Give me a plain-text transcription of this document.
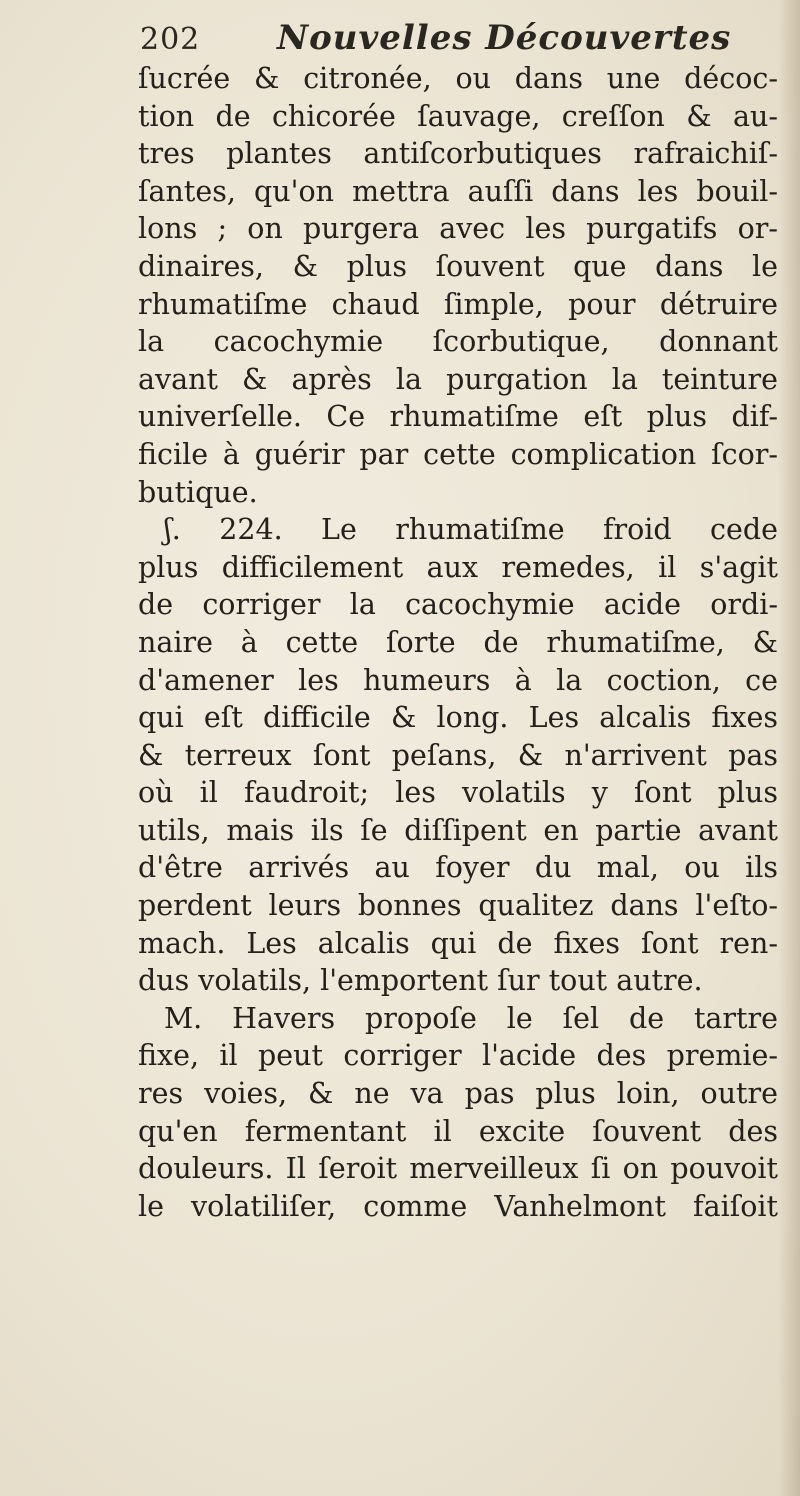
202 Nouvelles Découvertes
ſucrée & citronée, ou dans une décoc-
tion de chicorée ſauvage, creſſon & au-
tres plantes antiſcorbutiques rafraichiſ-
ſantes, qu'on mettra auſſi dans les bouil-
lons ; on purgera avec les purgatifs or-
dinaires, & plus ſouvent que dans le
rhumatiſme chaud ſimple, pour détruire
la cacochymie ſcorbutique, donnant
avant & après la purgation la teinture
univerſelle. Ce rhumatiſme eſt plus dif-
ficile à guérir par cette complication ſcor-
butique.
ʃ. 224. Le rhumatiſme froid cede
plus difficilement aux remedes, il s'agit
de corriger la cacochymie acide ordi-
naire à cette ſorte de rhumatiſme, &
d'amener les humeurs à la coction, ce
qui eſt difficile & long. Les alcalis fixes
& terreux ſont peſans, & n'arrivent pas
où il faudroit; les volatils y ſont plus
utils, mais ils ſe diſſipent en partie avant
d'être arrivés au foyer du mal, ou ils
perdent leurs bonnes qualitez dans l'eſto-
mach. Les alcalis qui de fixes ſont ren-
dus volatils, l'emportent ſur tout autre.
M. Havers propoſe le ſel de tartre
fixe, il peut corriger l'acide des premie-
res voies, & ne va pas plus loin, outre
qu'en fermentant il excite ſouvent des
douleurs. Il ſeroit merveilleux ſi on pouvoit
le volatiliſer, comme Vanhelmont faiſoit
